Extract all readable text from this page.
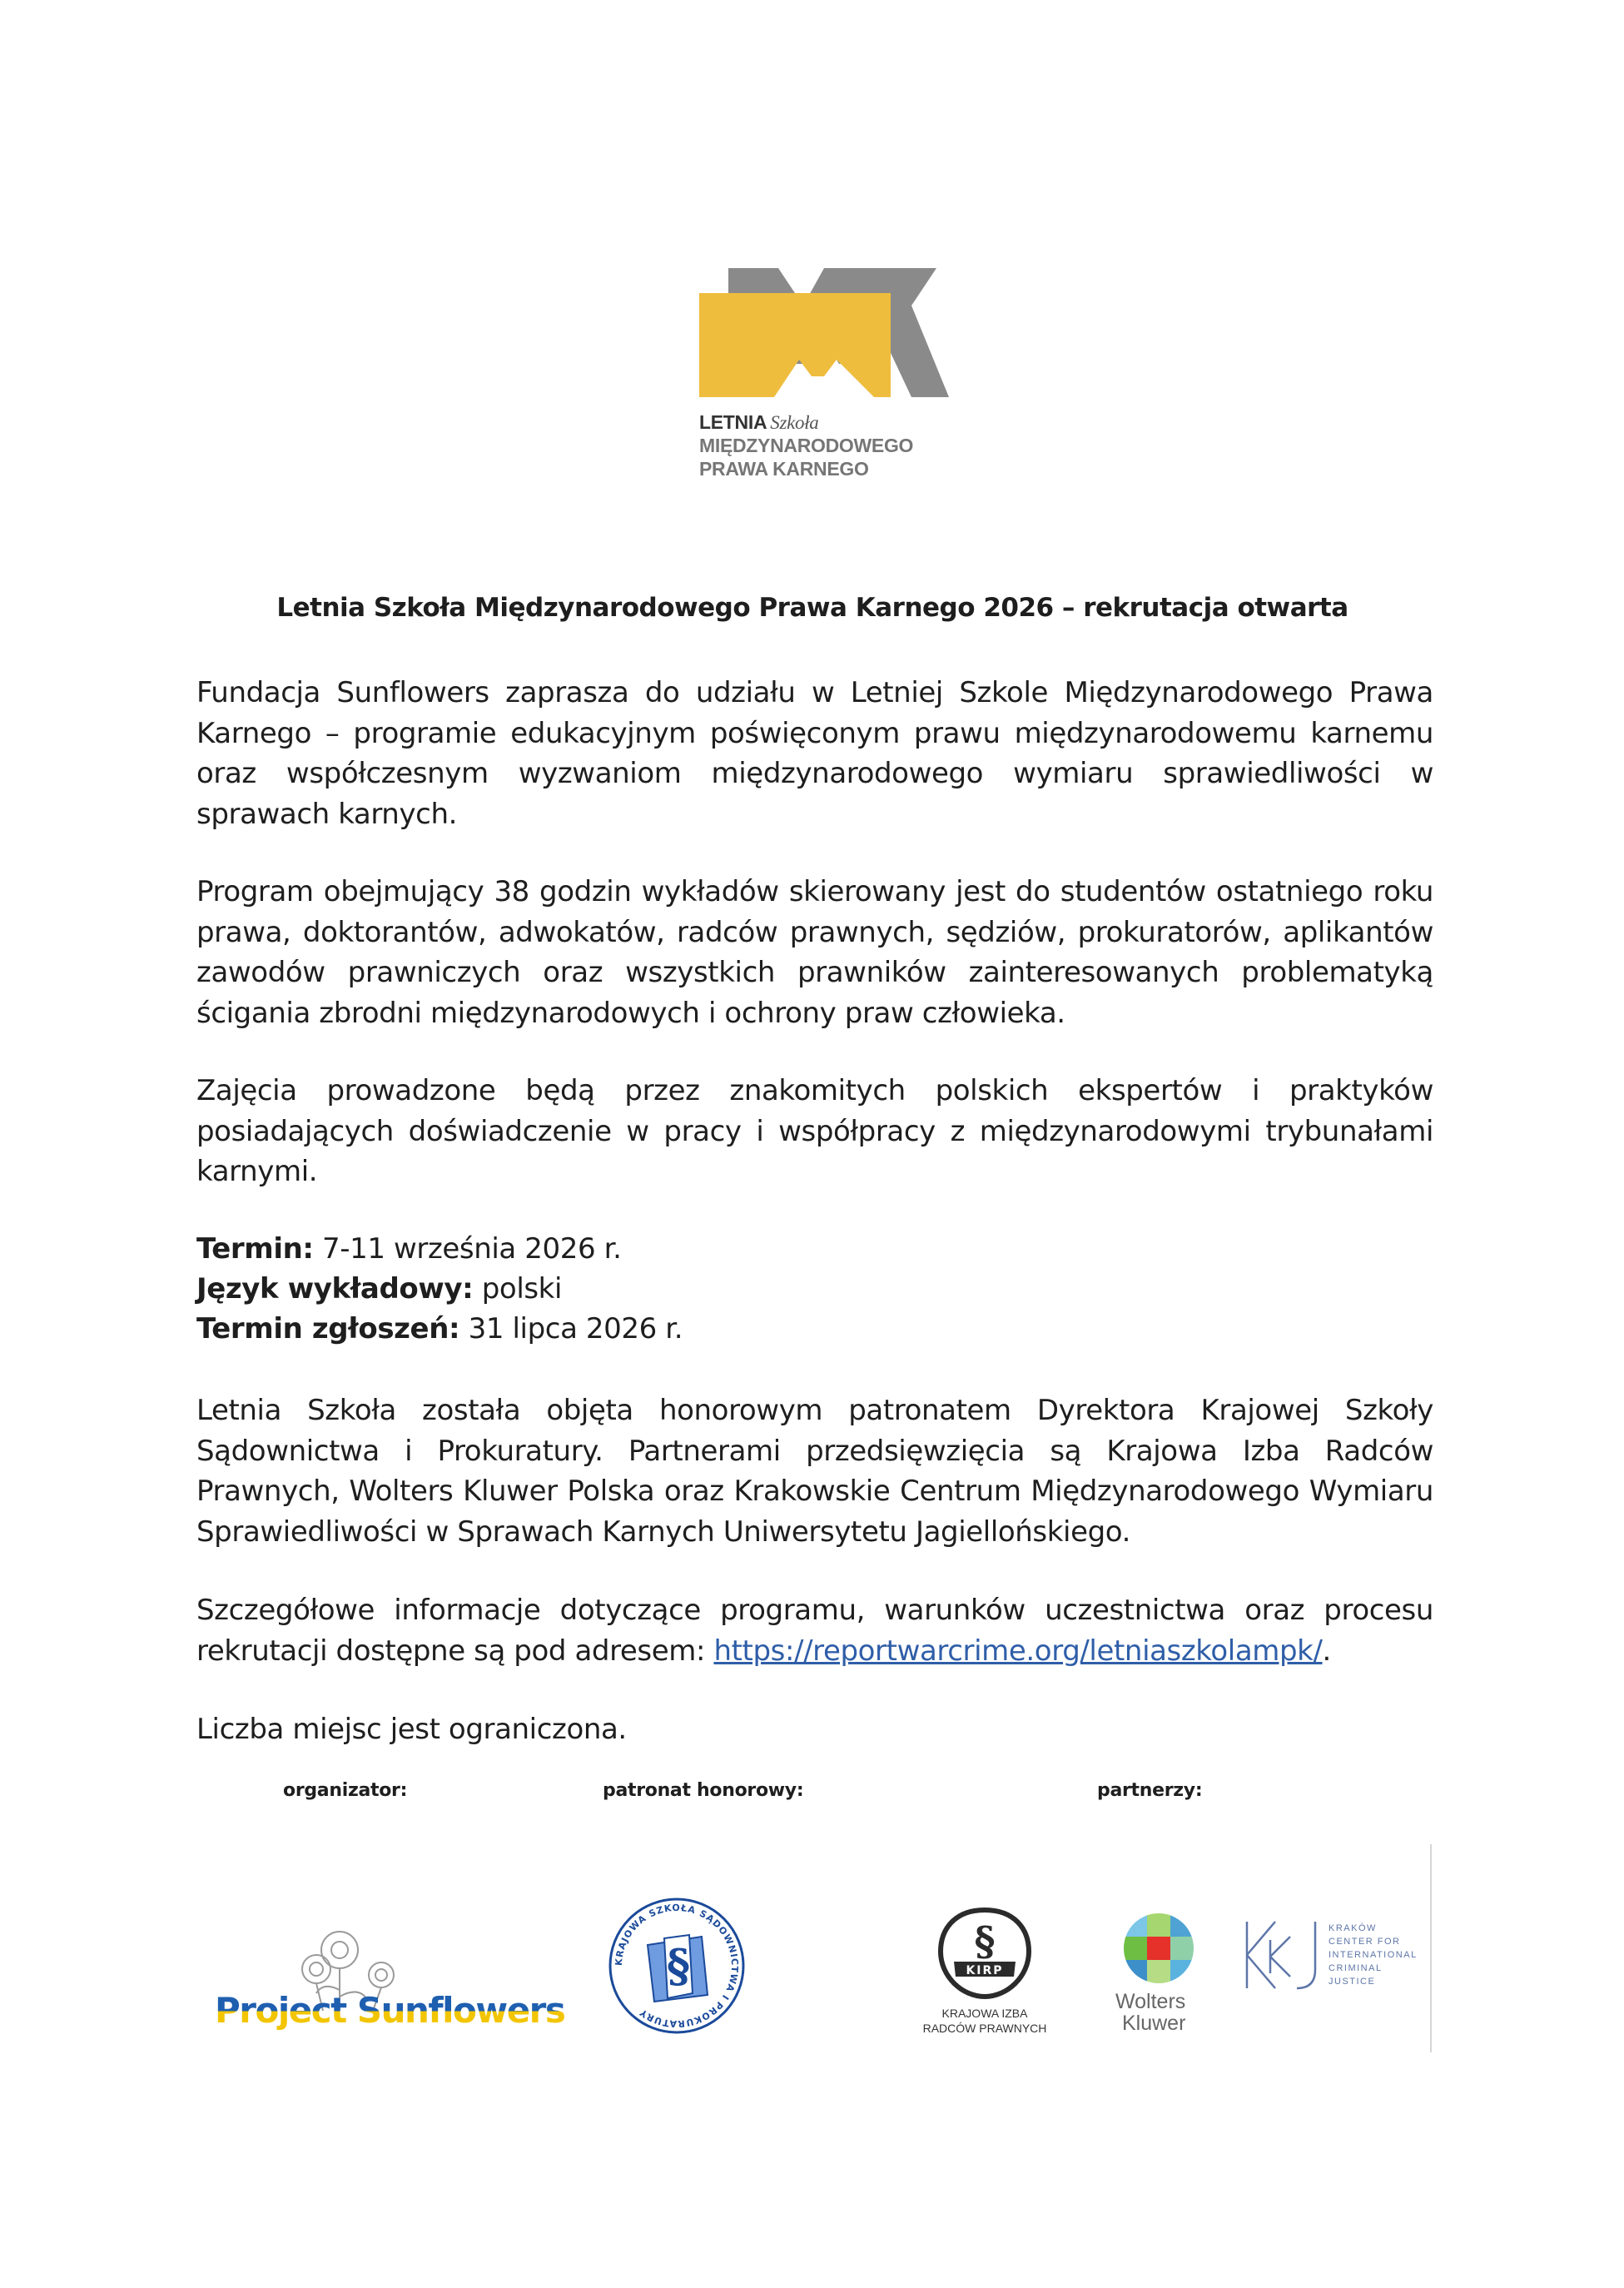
LETNIA Szkoła
MIĘDZYNARODOWEGO
PRAWA KARNEGO
Letnia Szkoła Międzynarodowego Prawa Karnego 2026 – rekrutacja otwarta

Fundacja Sunflowers zaprasza do udziału w Letniej Szkole Międzynarodowego Prawa Karnego – programie edukacyjnym poświęconym prawu międzynarodowemu karnemu oraz współczesnym wyzwaniom międzynarodowego wymiaru sprawiedliwości w sprawach karnych.

Program obejmujący 38 godzin wykładów skierowany jest do studentów ostatniego roku prawa, doktorantów, adwokatów, radców prawnych, sędziów, prokuratorów, aplikantów zawodów prawniczych oraz wszystkich prawników zainteresowanych problematyką ścigania zbrodni międzynarodowych i ochrony praw człowieka.

Zajęcia prowadzone będą przez znakomitych polskich ekspertów i praktyków posiadających doświadczenie w pracy i współpracy z międzynarodowymi trybunałami karnymi.

Termin: 7-11 września 2026 r.
Język wykładowy: polski
Termin zgłoszeń: 31 lipca 2026 r.

Letnia Szkoła została objęta honorowym patronatem Dyrektora Krajowej Szkoły Sądownictwa i Prokuratury. Partnerami przedsięwzięcia są Krajowa Izba Radców Prawnych, Wolters Kluwer Polska oraz Krakowskie Centrum Międzynarodowego Wymiaru Sprawiedliwości w Sprawach Karnych Uniwersytetu Jagiellońskiego.

Szczegółowe informacje dotyczące programu, warunków uczestnictwa oraz procesu rekrutacji dostępne są pod adresem: https://reportwarcrime.org/letniaszkolampk/.

Liczba miejsc jest ograniczona.

organizator:	patronat honorowy:	partnerzy:
Project Sunflowers
KRAJOWA SZKOŁA SĄDOWNICTWA I PROKURATURY
§	§
KIRP
KRAJOWA IZBA
RADCÓW PRAWNYCH
Wolters
Kluwer
KRAKÓW
CENTER FOR
INTERNATIONAL
CRIMINAL
JUSTICE
